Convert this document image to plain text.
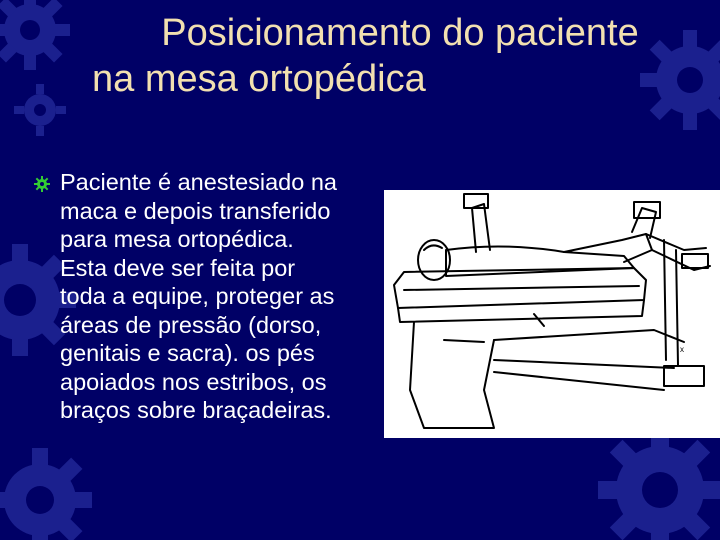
Posicionamento do paciente
na mesa ortopédica
Paciente é anestesiado na
maca e depois transferido
para mesa ortopédica.
Esta deve ser feita por
toda a equipe, proteger as
áreas de pressão (dorso,
genitais e sacra). os pés
apoiados nos estribos, os
braços sobre braçadeiras.
x
